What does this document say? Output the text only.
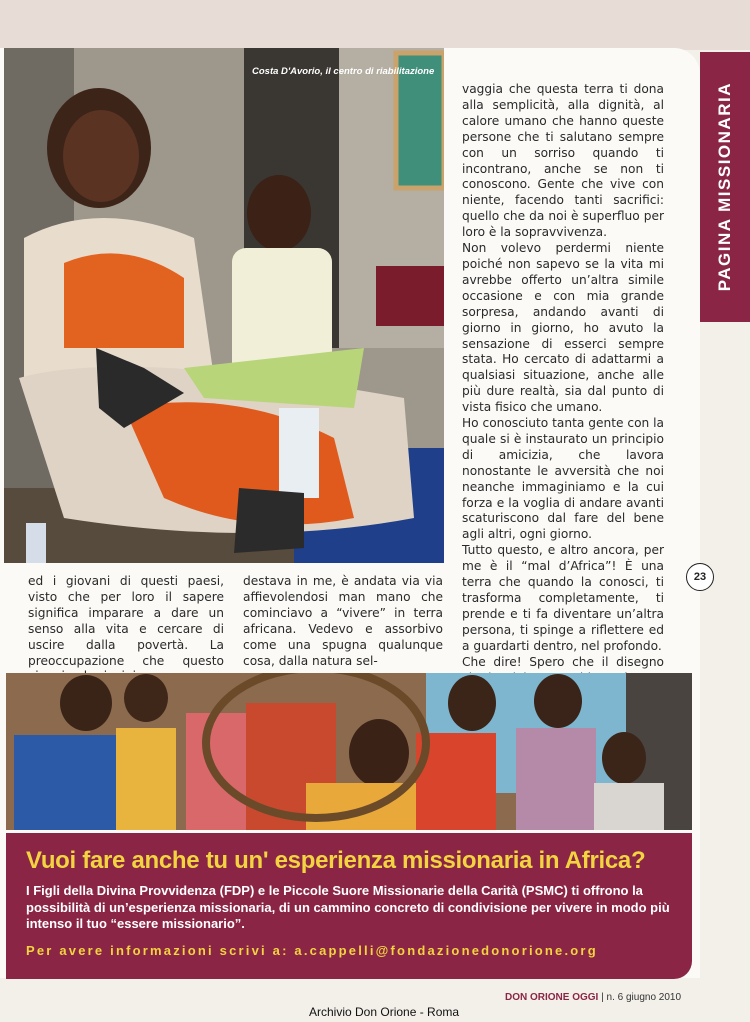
PAGINA MISSIONARIA
Costa D'Avorio, il centro di riabilitazione

ed i giovani di questi paesi, visto che per loro il sapere significa imparare a dare un senso alla vita e cercare di uscire dalla povertà. La preoccupazione che questo

destava in me, è andata via via affievolendosi man mano che cominciavo a “vivere” in terra africana. Vedevo e assorbivo come una spugna qualunque cosa, dalla natura sel-

vaggia che questa terra ti dona alla semplicità, alla dignità, al calore umano che hanno queste persone che ti salutano sempre con un sorriso quando ti incontrano, anche se non ti conoscono. Gente che vive con niente, facendo tanti sacrifici: quello che da noi è superfluo per loro è la sopravvivenza.

Non volevo perdermi niente poiché non sapevo se la vita mi avrebbe offerto un’altra simile occasione e con mia grande sorpresa, andando avanti di giorno in giorno, ho avuto la sensazione di esserci sempre stata. Ho cercato di adattarmi a qualsiasi situazione, anche alle più dure realtà, sia dal punto di vista fisico che umano.

Ho conosciuto tanta gente con la quale si è instaurato un principio di amicizia, che lavora nonostante le avversità che noi neanche immaginiamo e la cui forza e la voglia di andare avanti scaturiscono dal fare del bene agli altri, ogni giorno.

Tutto questo, e altro ancora, per me è il “mal d’Africa”! È una terra che quando la conosci, ti trasforma completamente, ti prende e ti fa diventare un’altra persona, ti spinge a riflettere ed a guardarti dentro, nel profondo.

Che dire! Spero che il disegno

23
Vuoi fare anche tu un' esperienza missionaria in Africa?
I Figli della Divina Provvidenza (FDP) e le Piccole Suore Missionarie della Carità (PSMC) ti offrono la possibilità di un’esperienza missionaria, di un cammino concreto di condivisione per vivere in modo più intenso il tuo “essere missionario”.
Per avere informazioni scrivi a: a.cappelli@fondazionedonorione.org
DON ORIONE OGGI | n. 6 giugno 2010
Archivio Don Orione - Roma
